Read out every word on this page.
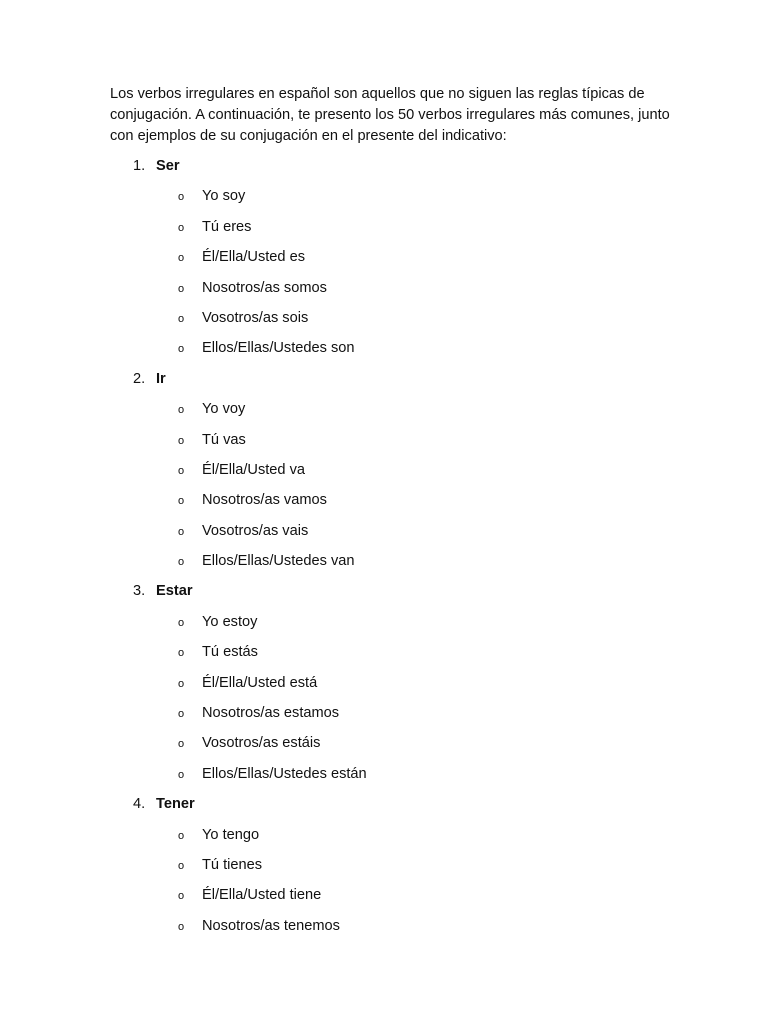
Los verbos irregulares en español son aquellos que no siguen las reglas típicas de conjugación. A continuación, te presento los 50 verbos irregulares más comunes, junto con ejemplos de su conjugación en el presente del indicativo:

1. Ser
o Yo soy
o Tú eres
o Él/Ella/Usted es
o Nosotros/as somos
o Vosotros/as sois
o Ellos/Ellas/Ustedes son
2. Ir
o Yo voy
o Tú vas
o Él/Ella/Usted va
o Nosotros/as vamos
o Vosotros/as vais
o Ellos/Ellas/Ustedes van
3. Estar
o Yo estoy
o Tú estás
o Él/Ella/Usted está
o Nosotros/as estamos
o Vosotros/as estáis
o Ellos/Ellas/Ustedes están
4. Tener
o Yo tengo
o Tú tienes
o Él/Ella/Usted tiene
o Nosotros/as tenemos
